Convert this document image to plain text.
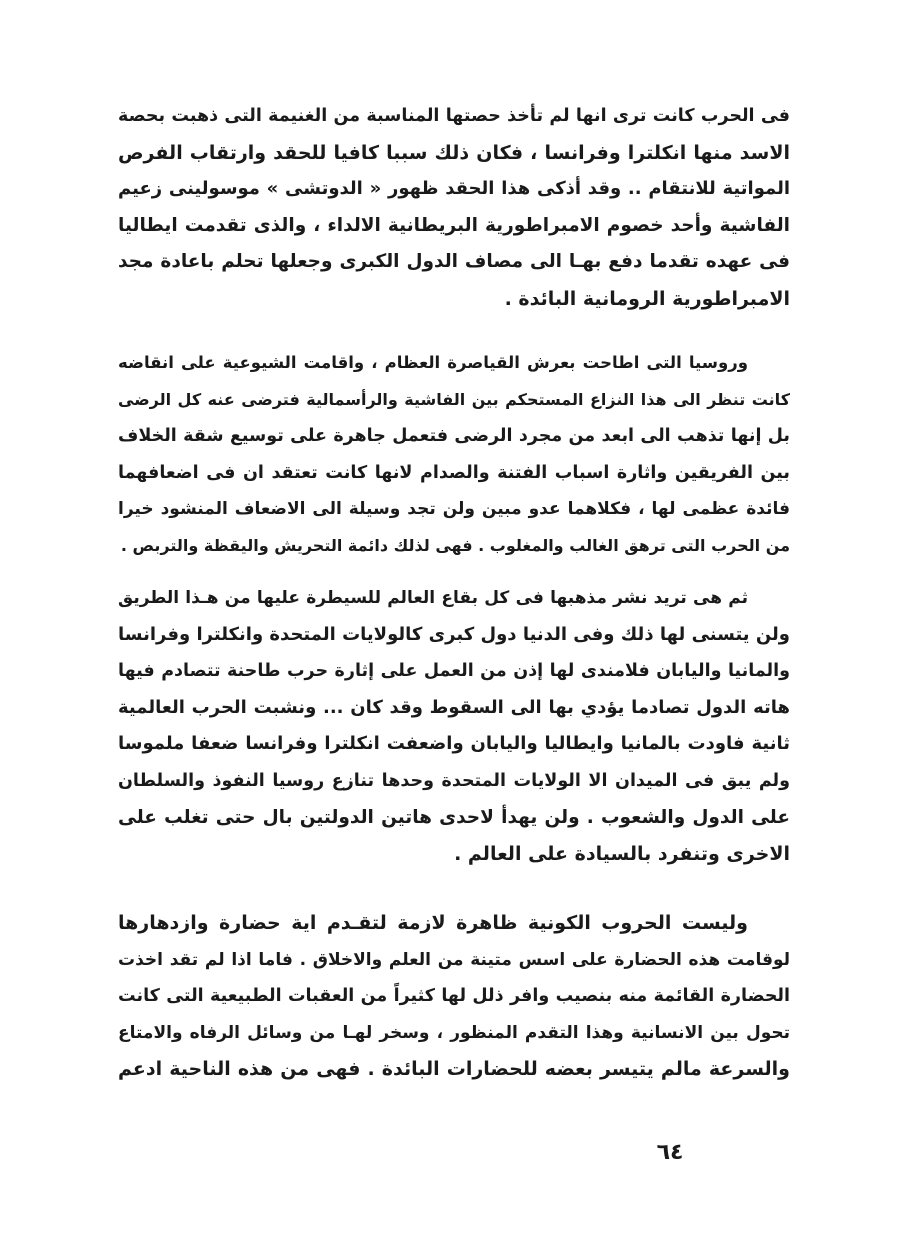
فى الحرب كانت ترى انها لم تأخذ حصتها المناسبة من الغنيمة التى ذهبت بحصة
الاسد منها انكلترا وفرانسا ، فكان ذلك سببا كافيا للحقد وارتقاب الفرص
المواتية للانتقام .. وقد أذكى هذا الحقد ظهور « الدوتشى » موسولينى زعيم
الفاشية وأحد خصوم الامبراطورية البريطانية الالداء ، والذى تقدمت ايطاليا
فى عهده تقدما دفع بهـا الى مصاف الدول الكبرى وجعلها تحلم باعادة مجد
الامبراطورية الرومانية البائدة .
وروسيا التى اطاحت بعرش القياصرة العظام ، واقامت الشيوعية على انقاضه
كانت تنظر الى هذا النزاع المستحكم بين الفاشية والرأسمالية فترضى عنه كل الرضى
بل إنها تذهب الى ابعد من مجرد الرضى فتعمل جاهرة على توسيع شقة الخلاف
بين الفريقين واثارة اسباب الفتنة والصدام لانها كانت تعتقد ان فى اضعافهما
فائدة عظمى لها ، فكلاهما عدو مبين ولن تجد وسيلة الى الاضعاف المنشود خيرا
من الحرب التى ترهق الغالب والمغلوب . فهى لذلك دائمة التحريش واليقظة والتربص .
ثم هى تريد نشر مذهبها فى كل بقاع العالم للسيطرة عليها من هـذا الطريق
ولن يتسنى لها ذلك وفى الدنيا دول كبرى كالولايات المتحدة وانكلترا وفرانسا
والمانيا واليابان فلامندى لها إذن من العمل على إثارة حرب طاحنة تتصادم فيها
هاته الدول تصادما يؤدي بها الى السقوط وقد كان ... ونشبت الحرب العالمية
ثانية فاودت بالمانيا وايطاليا واليابان واضعفت انكلترا وفرانسا ضعفا ملموسا
ولم يبق فى الميدان الا الولايات المتحدة وحدها تنازع روسيا النفوذ والسلطان
على الدول والشعوب . ولن يهدأ لاحدى هاتين الدولتين بال حتى تغلب على
الاخرى وتنفرد بالسيادة على العالم .
وليست الحروب الكونية ظاهرة لازمة لتقـدم اية حضارة وازدهارها
لوقامت هذه الحضارة على اسس متينة من العلم والاخلاق . فاما اذا لم تقد اخذت
الحضارة القائمة منه بنصيب وافر ذلل لها كثيراً من العقبات الطبيعية التى كانت
تحول بين الانسانية وهذا التقدم المنظور ، وسخر لهـا من وسائل الرفاه والامتاع
والسرعة مالم يتيسر بعضه للحضارات البائدة . فهى من هذه الناحية ادعم
٦٤
